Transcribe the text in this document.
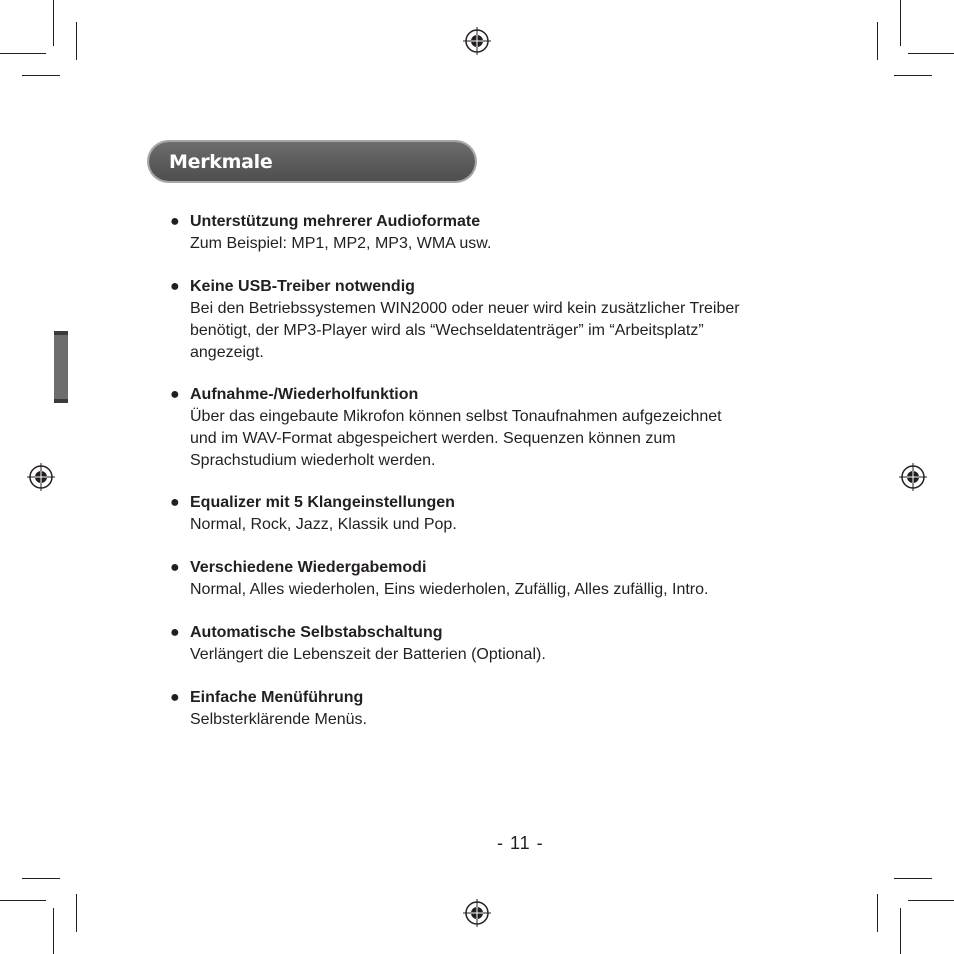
Merkmale
● Unterstützung mehrerer Audioformate
Zum Beispiel: MP1, MP2, MP3, WMA usw.
● Keine USB-Treiber notwendig
Bei den Betriebssystemen WIN2000 oder neuer wird kein zusätzlicher Treiber
benötigt, der MP3-Player wird als “Wechseldatenträger” im “Arbeitsplatz”
angezeigt.
● Aufnahme-/Wiederholfunktion
Über das eingebaute Mikrofon können selbst Tonaufnahmen aufgezeichnet
und im WAV-Format abgespeichert werden. Sequenzen können zum
Sprachstudium wiederholt werden.
● Equalizer mit 5 Klangeinstellungen
Normal, Rock, Jazz, Klassik und Pop.
● Verschiedene Wiedergabemodi
Normal, Alles wiederholen, Eins wiederholen, Zufällig, Alles zufällig, Intro.
● Automatische Selbstabschaltung
Verlängert die Lebenszeit der Batterien (Optional).
● Einfache Menüführung
Selbsterklärende Menüs.
- 11 -
